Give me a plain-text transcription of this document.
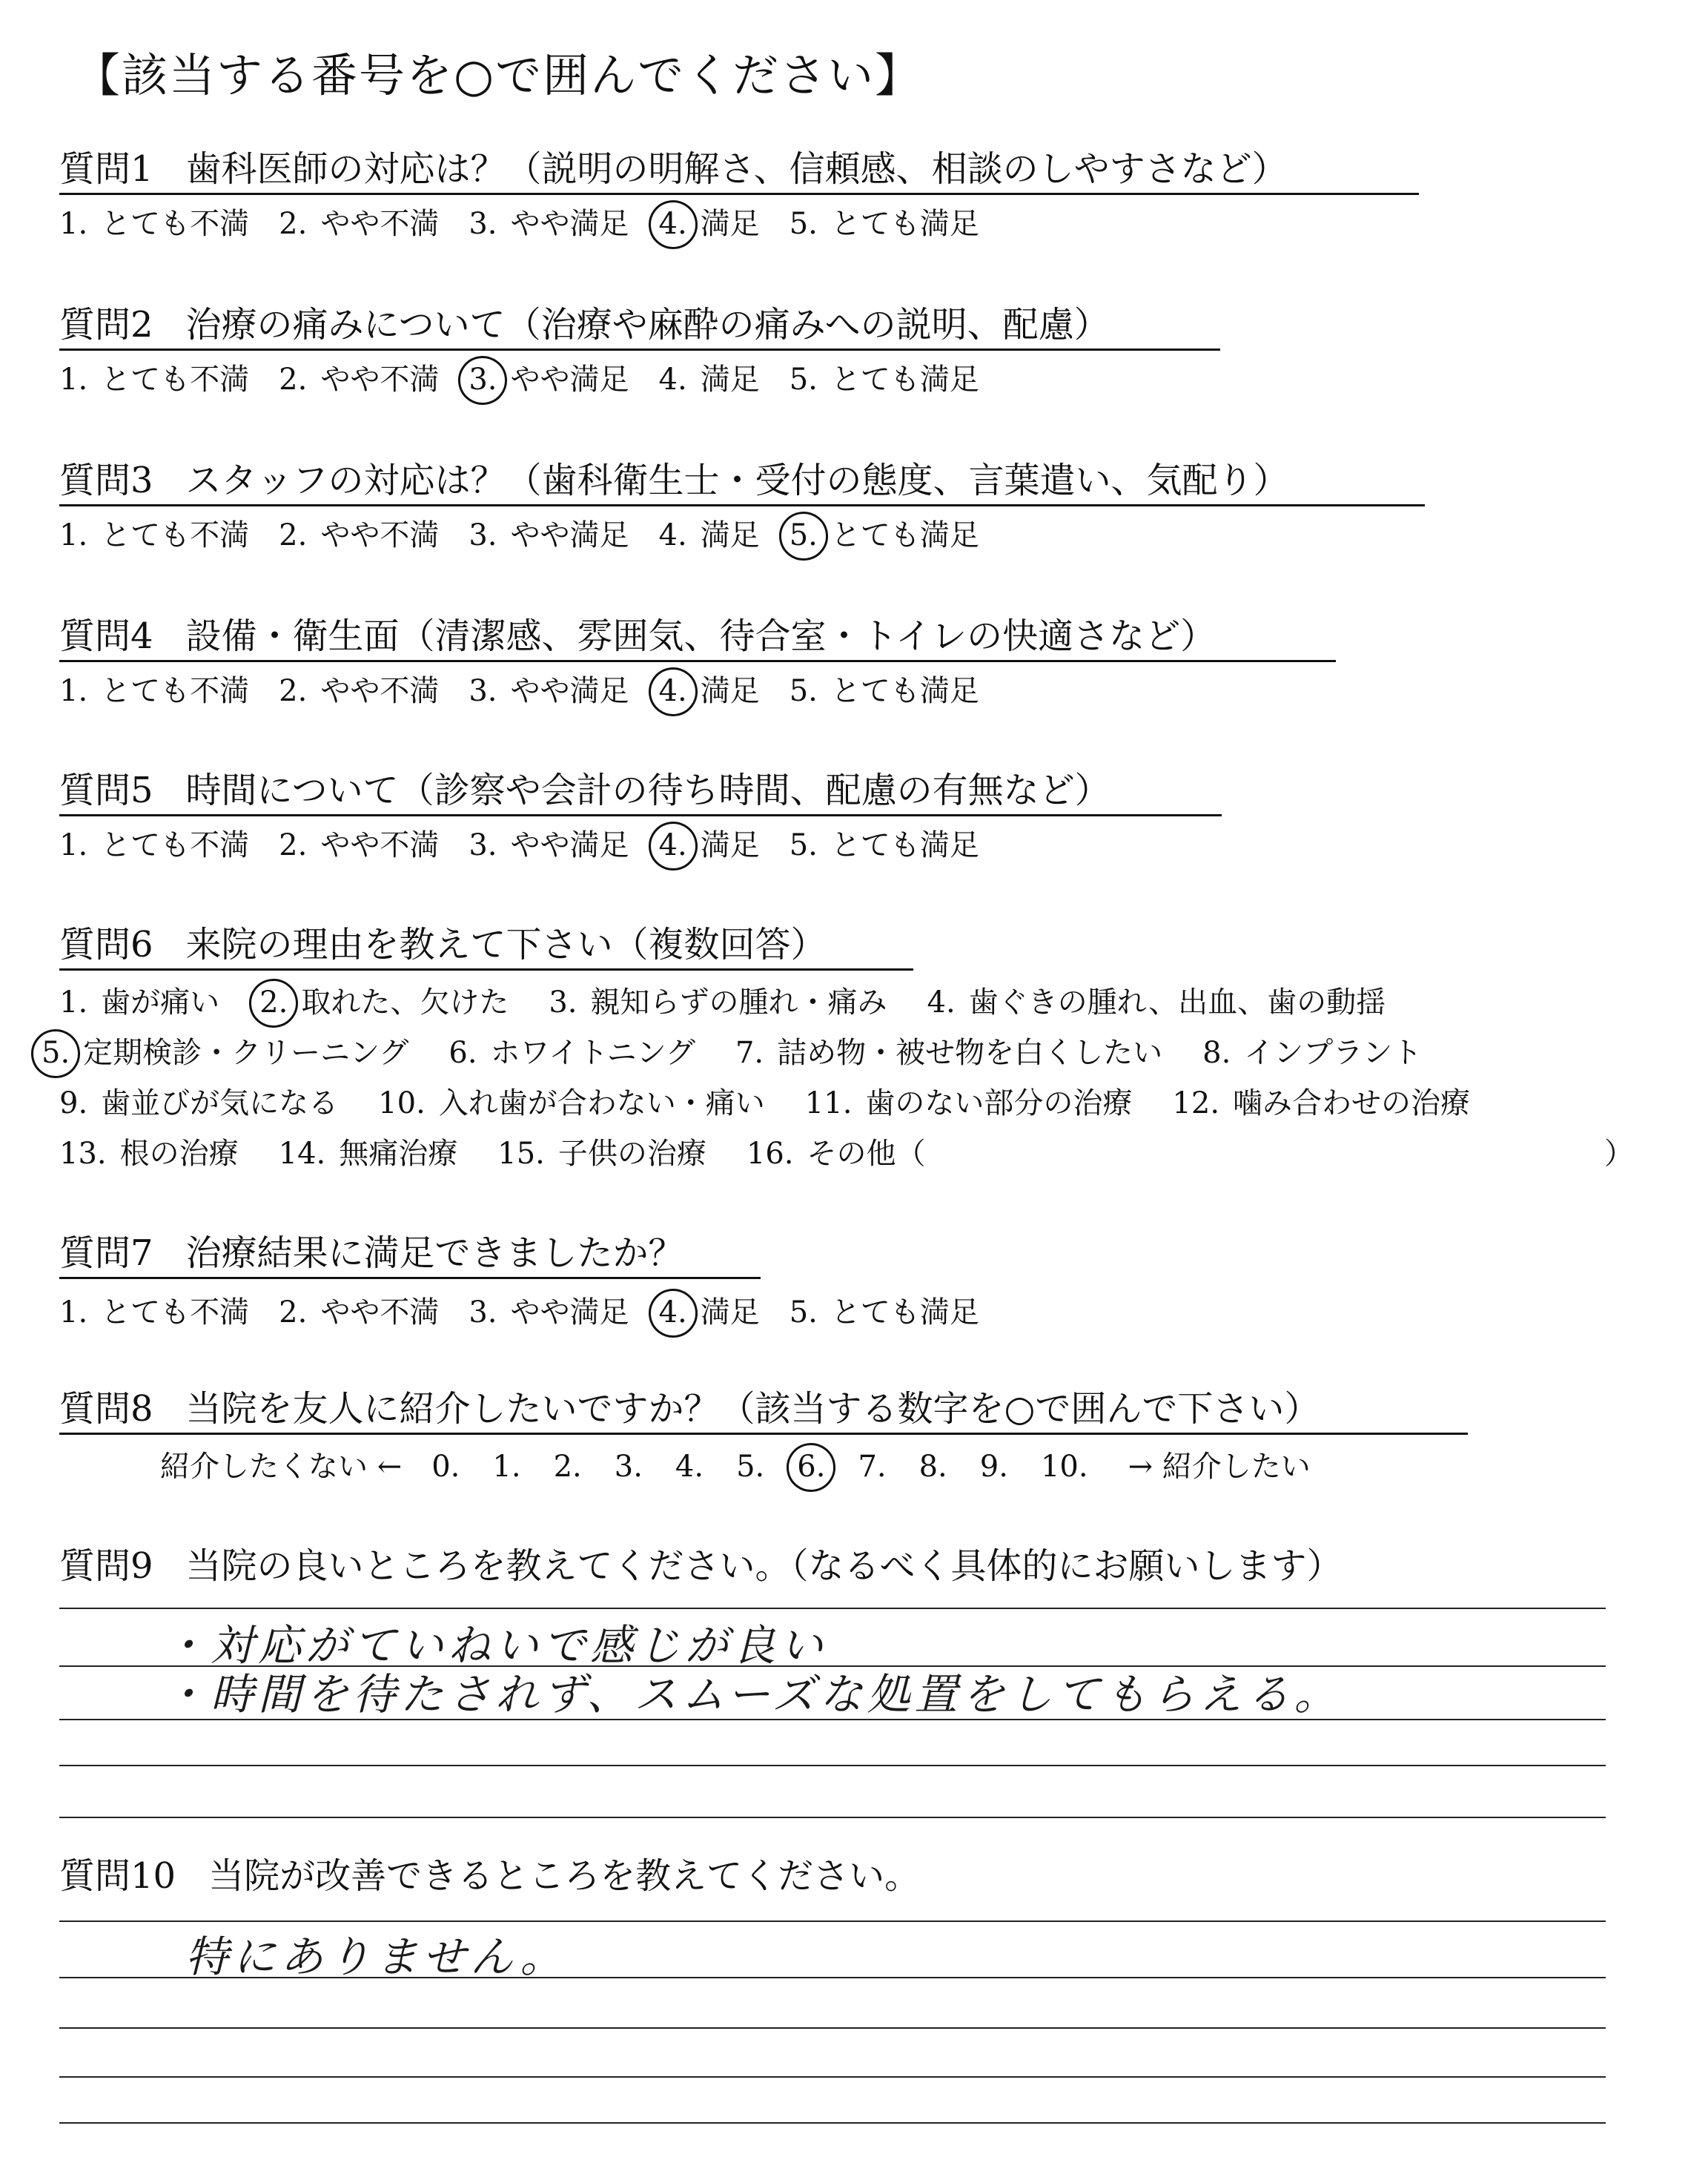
【該当する番号を○で囲んでください】
質問1 歯科医師の対応は？（説明の明解さ、信頼感、相談のしやすさなど）
1. とても不満 2. やや不満 3. やや満足 4. 満足 5. とても満足
質問2 治療の痛みについて（治療や麻酔の痛みへの説明、配慮）
1. とても不満 2. やや不満 3. やや満足 4. 満足 5. とても満足
質問3 スタッフの対応は？（歯科衛生士・受付の態度、言葉遣い、気配り）
1. とても不満 2. やや不満 3. やや満足 4. 満足 5. とても満足
質問4 設備・衛生面（清潔感、雰囲気、待合室・トイレの快適さなど）
1. とても不満 2. やや不満 3. やや満足 4. 満足 5. とても満足
質問5 時間について（診察や会計の待ち時間、配慮の有無など）
1. とても不満 2. やや不満 3. やや満足 4. 満足 5. とても満足
質問6 来院の理由を教えて下さい（複数回答）
1. 歯が痛い 2. 取れた、欠けた 3. 親知らずの腫れ・痛み 4. 歯ぐきの腫れ、出血、歯の動揺
5. 定期検診・クリーニング 6. ホワイトニング 7. 詰め物・被せ物を白くしたい 8. インプラント
9. 歯並びが気になる 10. 入れ歯が合わない・痛い 11. 歯のない部分の治療 12. 噛み合わせの治療
13. 根の治療 14. 無痛治療 15. 子供の治療 16. その他（	）
質問7 治療結果に満足できましたか？
1. とても不満 2. やや不満 3. やや満足 4. 満足 5. とても満足
質問8 当院を友人に紹介したいですか？（該当する数字を○で囲んで下さい）
紹介したくない ← 0. 1. 2. 3. 4. 5. 6. 7. 8. 9. 10. → 紹介したい
質問9 当院の良いところを教えてください。（なるべく具体的にお願いします）
・対応がていねいで感じが良い
・時間を待たされず、スムーズな処置をしてもらえる。
質問10 当院が改善できるところを教えてください。
特にありません。
